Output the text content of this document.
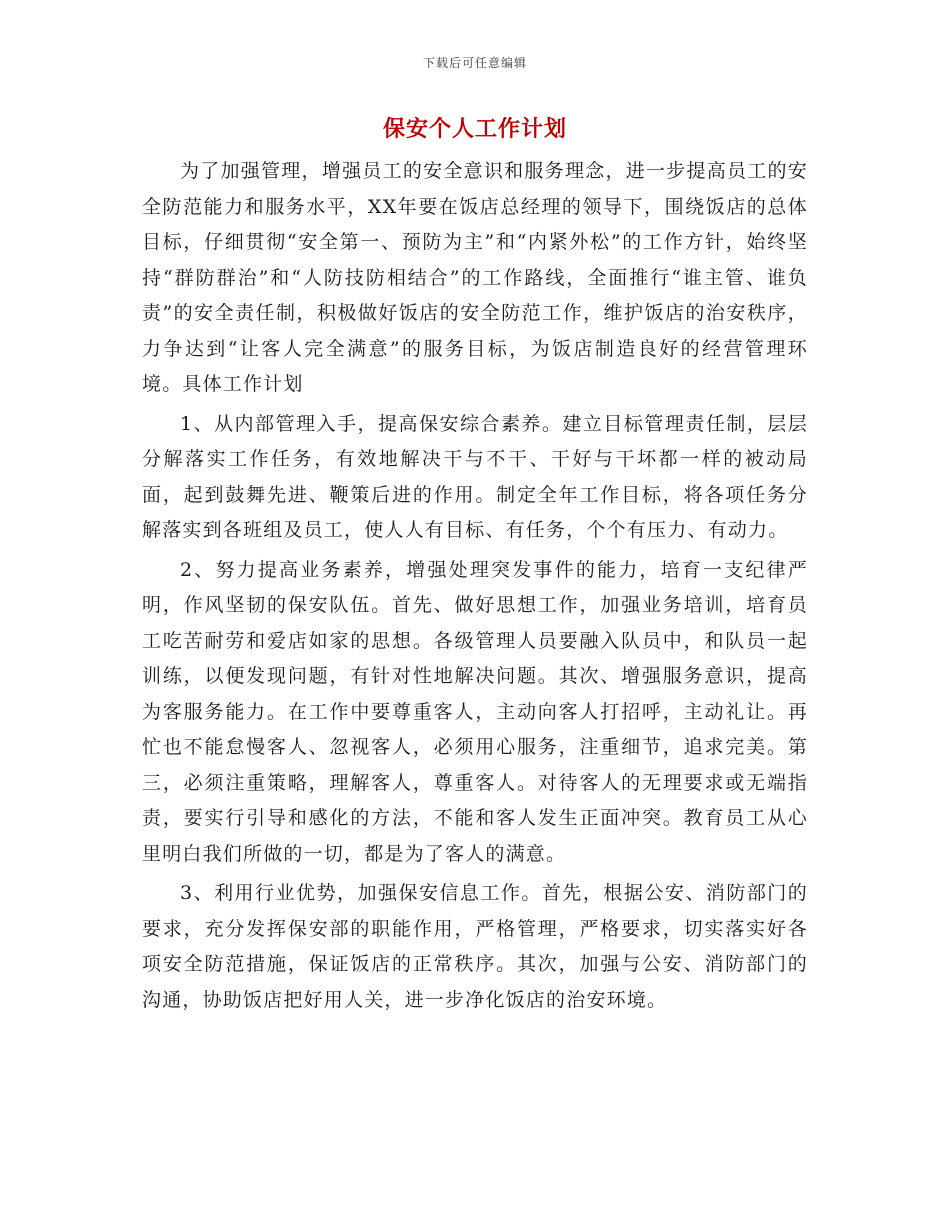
下载后可任意编辑
保安个人工作计划

为了加强管理，增强员工的安全意识和服务理念，进一步提高员工的安全防范能力和服务水平，XX年要在饭店总经理的领导下，围绕饭店的总体目标，仔细贯彻“安全第一、预防为主”和“内紧外松”的工作方针，始终坚持“群防群治”和“人防技防相结合”的工作路线，全面推行“谁主管、谁负责”的安全责任制，积极做好饭店的安全防范工作，维护饭店的治安秩序，力争达到“让客人完全满意”的服务目标，为饭店制造良好的经营管理环境。具体工作计划

1、从内部管理入手，提高保安综合素养。建立目标管理责任制，层层分解落实工作任务，有效地解决干与不干、干好与干坏都一样的被动局面，起到鼓舞先进、鞭策后进的作用。制定全年工作目标，将各项任务分解落实到各班组及员工，使人人有目标、有任务，个个有压力、有动力。

2、努力提高业务素养，增强处理突发事件的能力，培育一支纪律严明，作风坚韧的保安队伍。首先、做好思想工作，加强业务培训，培育员工吃苦耐劳和爱店如家的思想。各级管理人员要融入队员中，和队员一起训练，以便发现问题，有针对性地解决问题。其次、增强服务意识，提高为客服务能力。在工作中要尊重客人，主动向客人打招呼，主动礼让。再忙也不能怠慢客人、忽视客人，必须用心服务，注重细节，追求完美。第三，必须注重策略，理解客人，尊重客人。对待客人的无理要求或无端指责，要实行引导和感化的方法，不能和客人发生正面冲突。教育员工从心里明白我们所做的一切，都是为了客人的满意。

3、利用行业优势，加强保安信息工作。首先，根据公安、消防部门的要求，充分发挥保安部的职能作用，严格管理，严格要求，切实落实好各项安全防范措施，保证饭店的正常秩序。其次，加强与公安、消防部门的沟通，协助饭店把好用人关，进一步净化饭店的治安环境。
